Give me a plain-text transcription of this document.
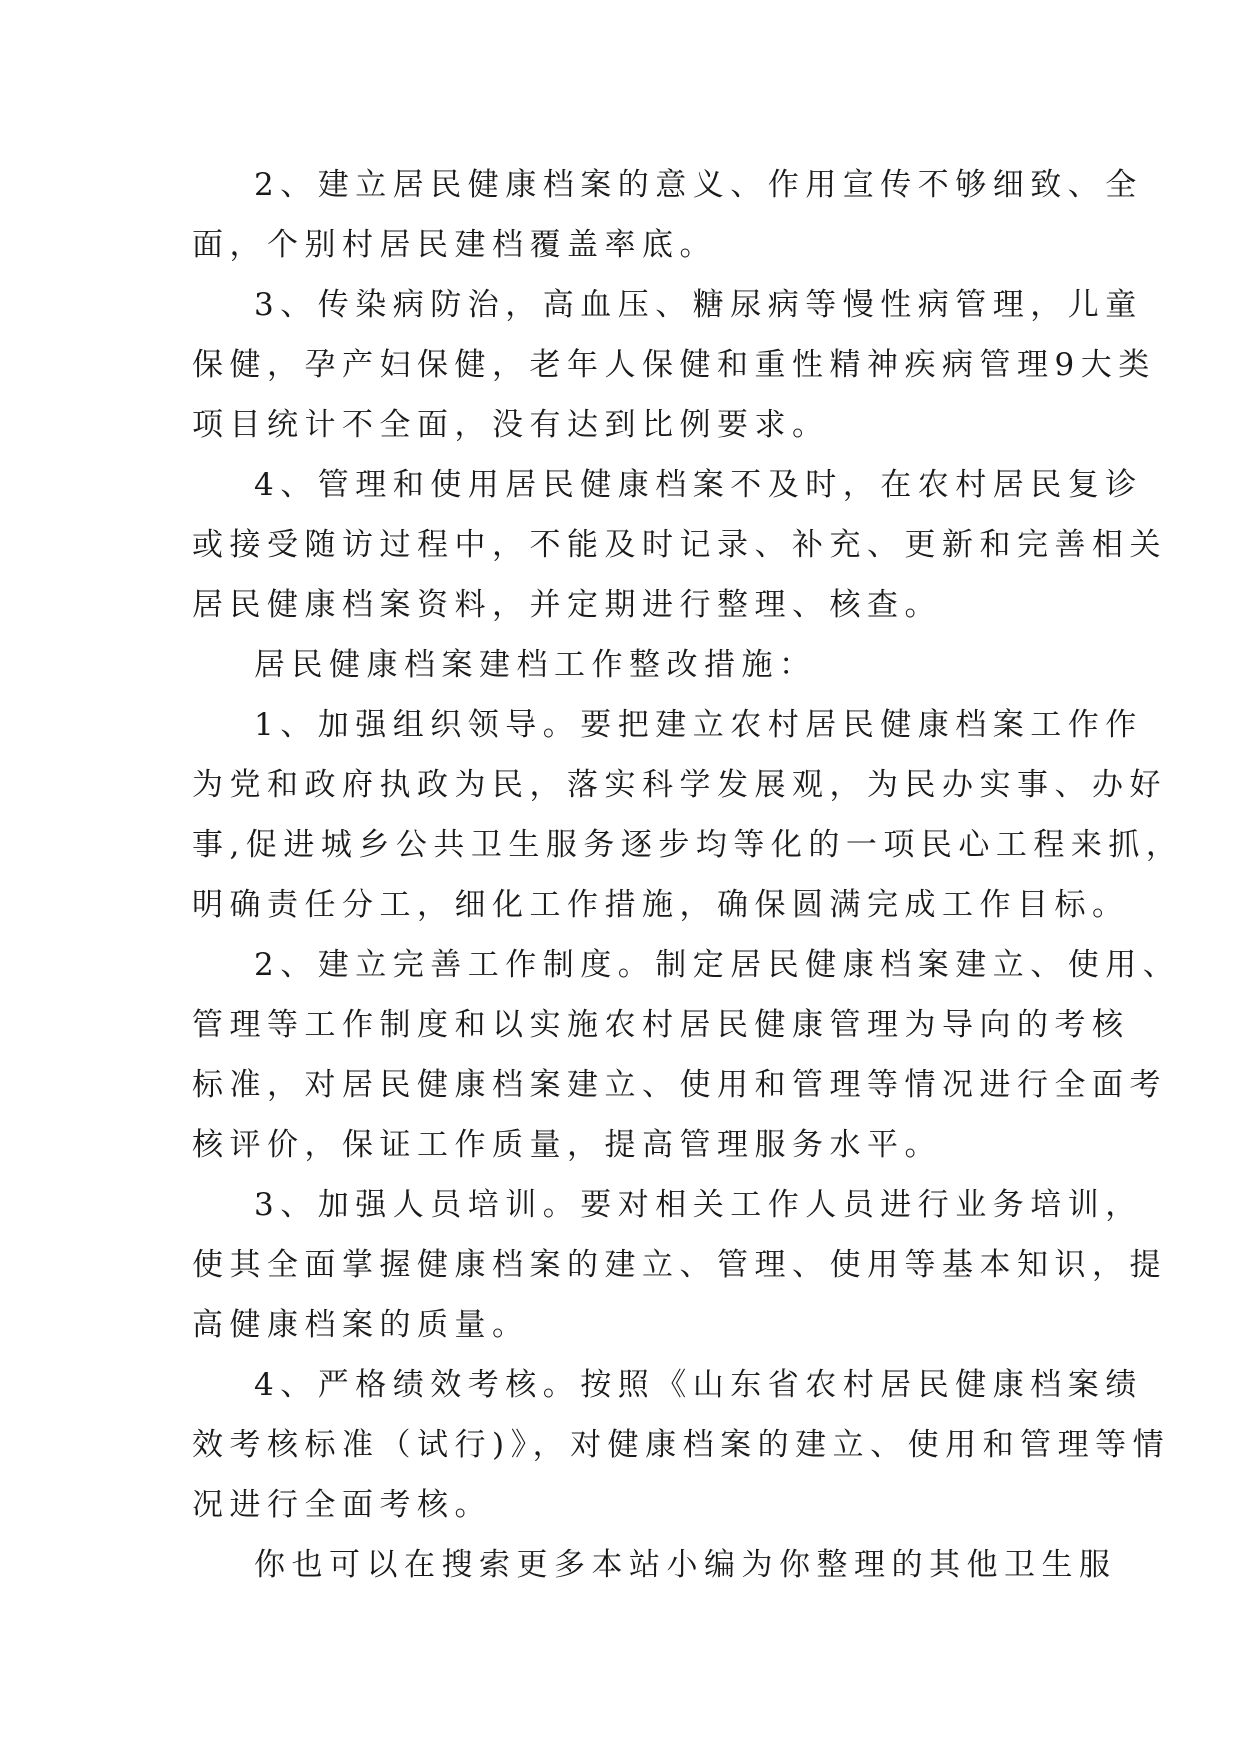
2、建立居民健康档案的意义、作用宣传不够细致、全
面，个别村居民建档覆盖率底。
3、传染病防治，高血压、糖尿病等慢性病管理，儿童
保健，孕产妇保健，老年人保健和重性精神疾病管理9大类
项目统计不全面，没有达到比例要求。
4、管理和使用居民健康档案不及时，在农村居民复诊
或接受随访过程中，不能及时记录、补充、更新和完善相关
居民健康档案资料，并定期进行整理、核查。
居民健康档案建档工作整改措施：
1、加强组织领导。要把建立农村居民健康档案工作作
为党和政府执政为民，落实科学发展观，为民办实事、办好
事,促进城乡公共卫生服务逐步均等化的一项民心工程来抓，
明确责任分工，细化工作措施，确保圆满完成工作目标。
2、建立完善工作制度。制定居民健康档案建立、使用、
管理等工作制度和以实施农村居民健康管理为导向的考核
标准，对居民健康档案建立、使用和管理等情况进行全面考
核评价，保证工作质量，提高管理服务水平。
3、加强人员培训。要对相关工作人员进行业务培训，
使其全面掌握健康档案的建立、管理、使用等基本知识，提
高健康档案的质量。
4、严格绩效考核。按照《山东省农村居民健康档案绩
效考核标准（试行)》，对健康档案的建立、使用和管理等情
况进行全面考核。
你也可以在搜索更多本站小编为你整理的其他卫生服
